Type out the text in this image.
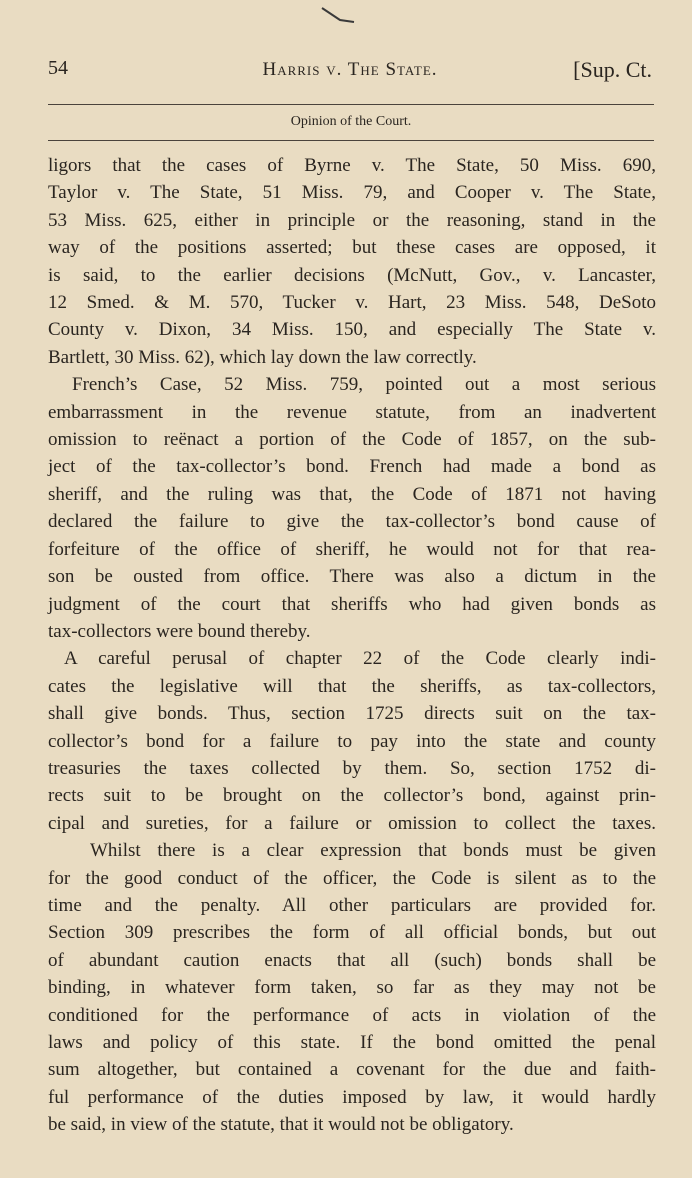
54	Harris v. The State.	[Sup. Ct.
Opinion of the Court.
ligors that the cases of Byrne v. The State, 50 Miss. 690,
Taylor v. The State, 51 Miss. 79, and Cooper v. The State,
53 Miss. 625, either in principle or the reasoning, stand in the
way of the positions asserted; but these cases are opposed, it
is said, to the earlier decisions (McNutt, Gov., v. Lancaster,
12 Smed. & M. 570, Tucker v. Hart, 23 Miss. 548, DeSoto
County v. Dixon, 34 Miss. 150, and especially The State v.
Bartlett, 30 Miss. 62), which lay down the law correctly.
French’s Case, 52 Miss. 759, pointed out a most serious
embarrassment in the revenue statute, from an inadvertent
omission to reënact a portion of the Code of 1857, on the sub-
ject of the tax-collector’s bond. French had made a bond as
sheriff, and the ruling was that, the Code of 1871 not having
declared the failure to give the tax-collector’s bond cause of
forfeiture of the office of sheriff, he would not for that rea-
son be ousted from office. There was also a dictum in the
judgment of the court that sheriffs who had given bonds as
tax-collectors were bound thereby.
A careful perusal of chapter 22 of the Code clearly indi-
cates the legislative will that the sheriffs, as tax-collectors,
shall give bonds. Thus, section 1725 directs suit on the tax-
collector’s bond for a failure to pay into the state and county
treasuries the taxes collected by them. So, section 1752 di-
rects suit to be brought on the collector’s bond, against prin-
cipal and sureties, for a failure or omission to collect the taxes.
Whilst there is a clear expression that bonds must be given
for the good conduct of the officer, the Code is silent as to the
time and the penalty. All other particulars are provided for.
Section 309 prescribes the form of all official bonds, but out
of abundant caution enacts that all (such) bonds shall be
binding, in whatever form taken, so far as they may not be
conditioned for the performance of acts in violation of the
laws and policy of this state. If the bond omitted the penal
sum altogether, but contained a covenant for the due and faith-
ful performance of the duties imposed by law, it would hardly
be said, in view of the statute, that it would not be obligatory.
